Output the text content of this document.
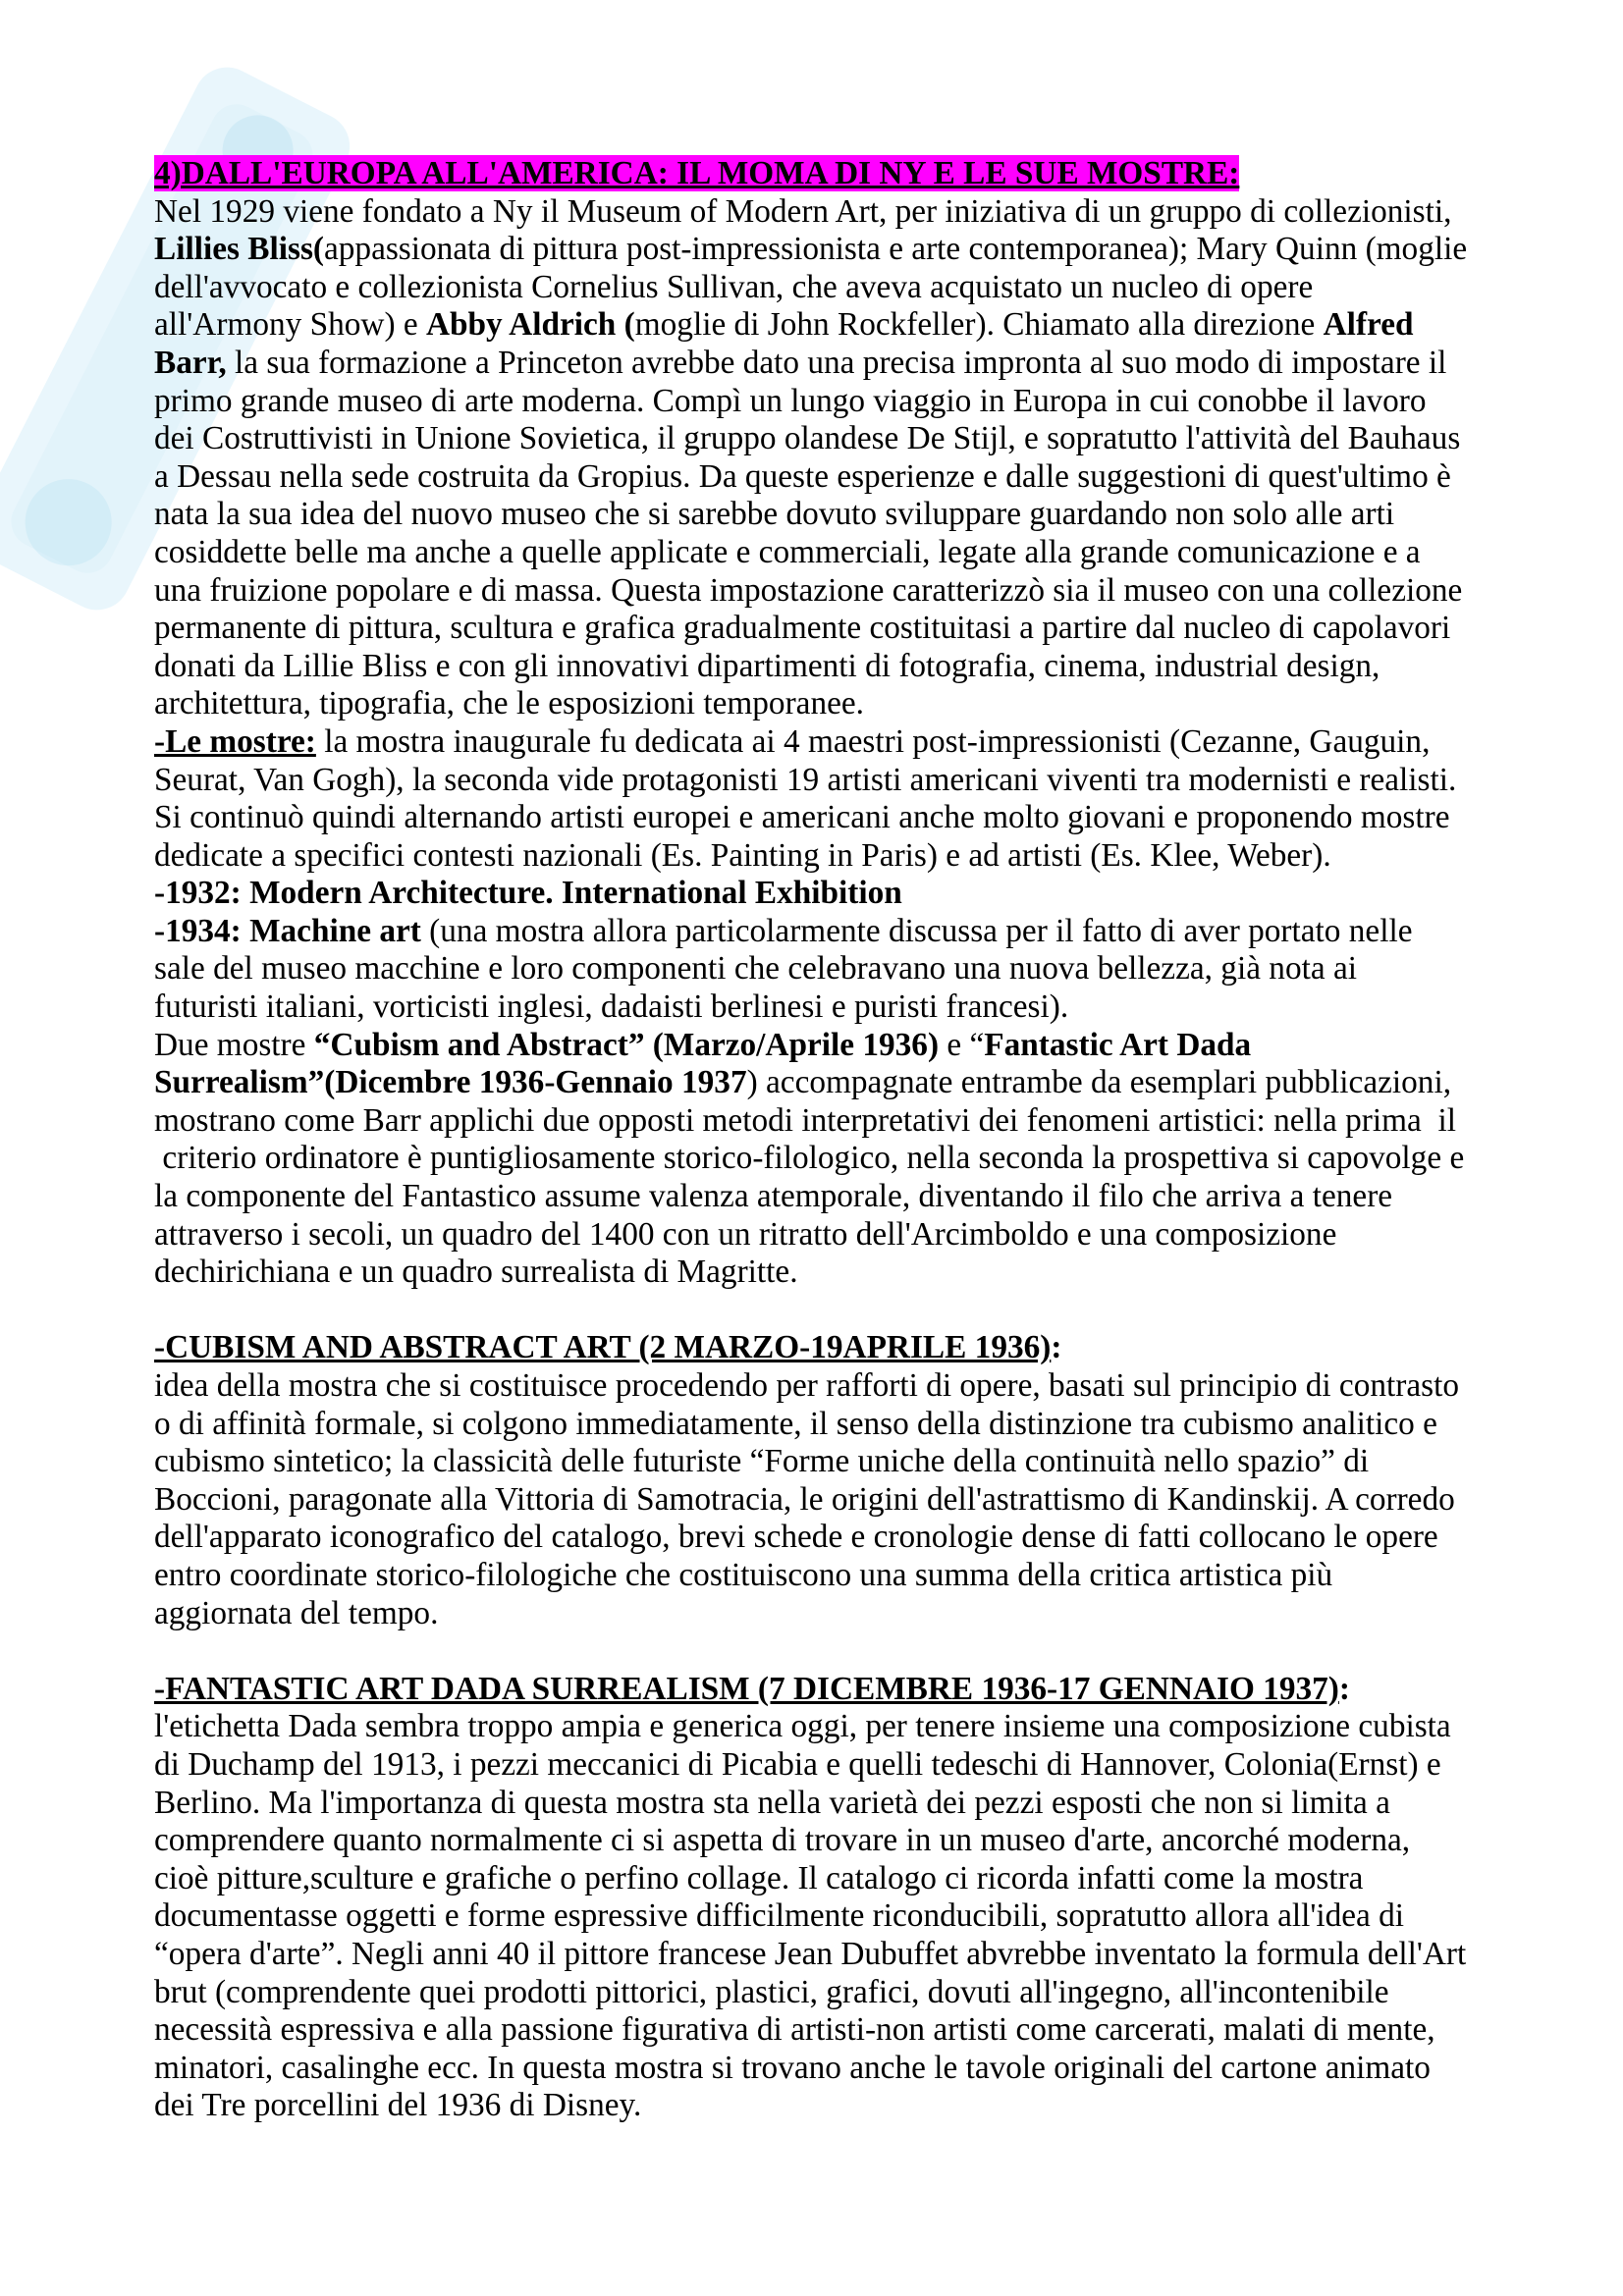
4)DALL'EUROPA ALL'AMERICA: IL MOMA DI NY E LE SUE MOSTRE:
Nel 1929 viene fondato a Ny il Museum of Modern Art, per iniziativa di un gruppo di collezionisti,
Lillies Bliss(appassionata di pittura post-impressionista e arte contemporanea); Mary Quinn (moglie
dell'avvocato e collezionista Cornelius Sullivan, che aveva acquistato un nucleo di opere
all'Armony Show) e Abby Aldrich (moglie di John Rockfeller). Chiamato alla direzione Alfred
Barr, la sua formazione a Princeton avrebbe dato una precisa impronta al suo modo di impostare il
primo grande museo di arte moderna. Compì un lungo viaggio in Europa in cui conobbe il lavoro
dei Costruttivisti in Unione Sovietica, il gruppo olandese De Stijl, e sopratutto l'attività del Bauhaus
a Dessau nella sede costruita da Gropius. Da queste esperienze e dalle suggestioni di quest'ultimo è
nata la sua idea del nuovo museo che si sarebbe dovuto sviluppare guardando non solo alle arti
cosiddette belle ma anche a quelle applicate e commerciali, legate alla grande comunicazione e a
una fruizione popolare e di massa. Questa impostazione caratterizzò sia il museo con una collezione
permanente di pittura, scultura e grafica gradualmente costituitasi a partire dal nucleo di capolavori
donati da Lillie Bliss e con gli innovativi dipartimenti di fotografia, cinema, industrial design,
architettura, tipografia, che le esposizioni temporanee.
-Le mostre: la mostra inaugurale fu dedicata ai 4 maestri post-impressionisti (Cezanne, Gauguin,
Seurat, Van Gogh), la seconda vide protagonisti 19 artisti americani viventi tra modernisti e realisti.
Si continuò quindi alternando artisti europei e americani anche molto giovani e proponendo mostre
dedicate a specifici contesti nazionali (Es. Painting in Paris) e ad artisti (Es. Klee, Weber).
-1932: Modern Architecture. International Exhibition
-1934: Machine art (una mostra allora particolarmente discussa per il fatto di aver portato nelle
sale del museo macchine e loro componenti che celebravano una nuova bellezza, già nota ai
futuristi italiani, vorticisti inglesi, dadaisti berlinesi e puristi francesi).
Due mostre “Cubism and Abstract” (Marzo/Aprile 1936) e “Fantastic Art Dada
Surrealism”(Dicembre 1936-Gennaio 1937) accompagnate entrambe da esemplari pubblicazioni,
mostrano come Barr applichi due opposti metodi interpretativi dei fenomeni artistici: nella prima  il
criterio ordinatore è puntigliosamente storico-filologico, nella seconda la prospettiva si capovolge e
la componente del Fantastico assume valenza atemporale, diventando il filo che arriva a tenere
attraverso i secoli, un quadro del 1400 con un ritratto dell'Arcimboldo e una composizione
dechirichiana e un quadro surrealista di Magritte.
-CUBISM AND ABSTRACT ART (2 MARZO-19APRILE 1936):
idea della mostra che si costituisce procedendo per rafforti di opere, basati sul principio di contrasto
o di affinità formale, si colgono immediatamente, il senso della distinzione tra cubismo analitico e
cubismo sintetico; la classicità delle futuriste “Forme uniche della continuità nello spazio” di
Boccioni, paragonate alla Vittoria di Samotracia, le origini dell'astrattismo di Kandinskij. A corredo
dell'apparato iconografico del catalogo, brevi schede e cronologie dense di fatti collocano le opere
entro coordinate storico-filologiche che costituiscono una summa della critica artistica più
aggiornata del tempo.
-FANTASTIC ART DADA SURREALISM (7 DICEMBRE 1936-17 GENNAIO 1937):
l'etichetta Dada sembra troppo ampia e generica oggi, per tenere insieme una composizione cubista
di Duchamp del 1913, i pezzi meccanici di Picabia e quelli tedeschi di Hannover, Colonia(Ernst) e
Berlino. Ma l'importanza di questa mostra sta nella varietà dei pezzi esposti che non si limita a
comprendere quanto normalmente ci si aspetta di trovare in un museo d'arte, ancorché moderna,
cioè pitture,sculture e grafiche o perfino collage. Il catalogo ci ricorda infatti come la mostra
documentasse oggetti e forme espressive difficilmente riconducibili, sopratutto allora all'idea di
“opera d'arte”. Negli anni 40 il pittore francese Jean Dubuffet abvrebbe inventato la formula dell'Art
brut (comprendente quei prodotti pittorici, plastici, grafici, dovuti all'ingegno, all'incontenibile
necessità espressiva e alla passione figurativa di artisti-non artisti come carcerati, malati di mente,
minatori, casalinghe ecc. In questa mostra si trovano anche le tavole originali del cartone animato
dei Tre porcellini del 1936 di Disney.
